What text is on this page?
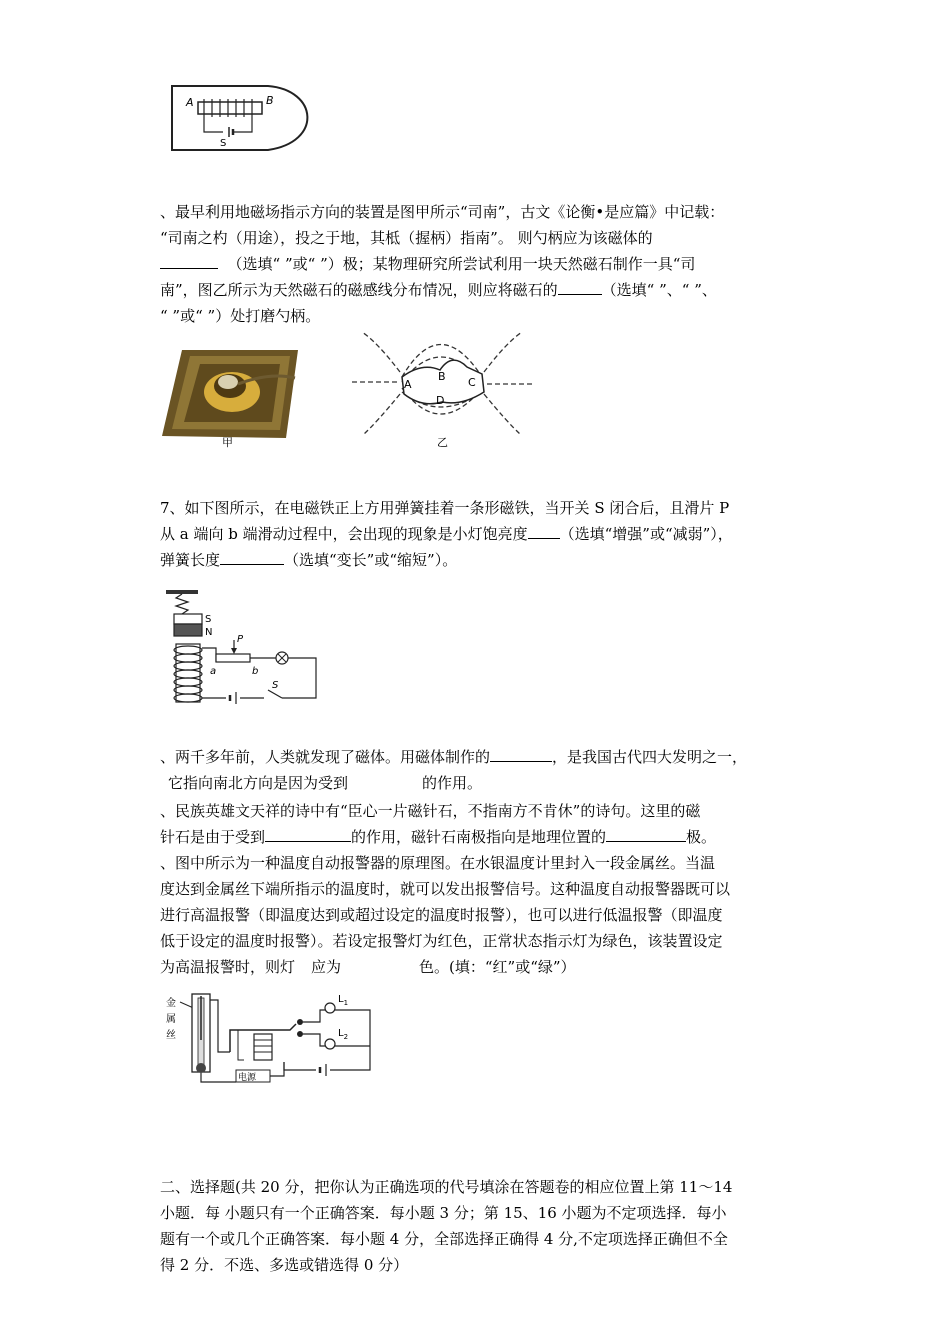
A	B
S
、最早利用地磁场指示方向的装置是图甲所示“司南”，古文《论衡•是应篇》中记载：
“司南之杓（用途），投之于地，其柢（握柄）指南”。 则勺柄应为该磁体的
（选填“ ”或“ ”）极；某物理研究所尝试利用一块天然磁石制作一具“司
南”，图乙所示为天然磁石的磁感线分布情况，则应将磁石的	（选填“ ”、“ ”、
“ ”或“ ”）处打磨勺柄。
甲
A
B C
D
乙
7、如下图所示，在电磁铁正上方用弹簧挂着一条形磁铁，当开关 S 闭合后，且滑片 P
从 a 端向 b 端滑动过程中，会出现的现象是小灯饱亮度 （选填“增强”或“减弱”），
弹簧长度	（选填“变长”或“缩短”）。
S
N
P
a	b
S
、两千多年前，人类就发现了磁体。用磁体制作的	，是我国古代四大发明之一，
它指向南北方向是因为受到	的作用。
、民族英雄文天祥的诗中有“臣心一片磁针石，不指南方不肯休”的诗句。这里的磁
针石是由于受到	的作用，磁针石南极指向是地理位置的	极。
、图中所示为一种温度自动报警器的原理图。在水银温度计里封入一段金属丝。当温
度达到金属丝下端所指示的温度时，就可以发出报警信号。这种温度自动报警器既可以
进行高温报警（即温度达到或超过设定的温度时报警），也可以进行低温报警（即温度
低于设定的温度时报警）。若设定报警灯为红色，正常状态指示灯为绿色，该装置设定
为高温报警时，则灯 应为	色。(填：“红”或“绿”）
金
属
丝
电源
$L_1$
$L_2$
二、选择题(共 20 分，把你认为正确选项的代号填涂在答题卷的相应位置上第 11～14
小题．每 小题只有一个正确答案．每小题 3 分；第 15、16 小题为不定项选择．每小
题有一个或几个正确答案．每小题 4 分，全部选择正确得 4 分,不定项选择正确但不全
得 2 分．不选、多选或错选得 0 分）
